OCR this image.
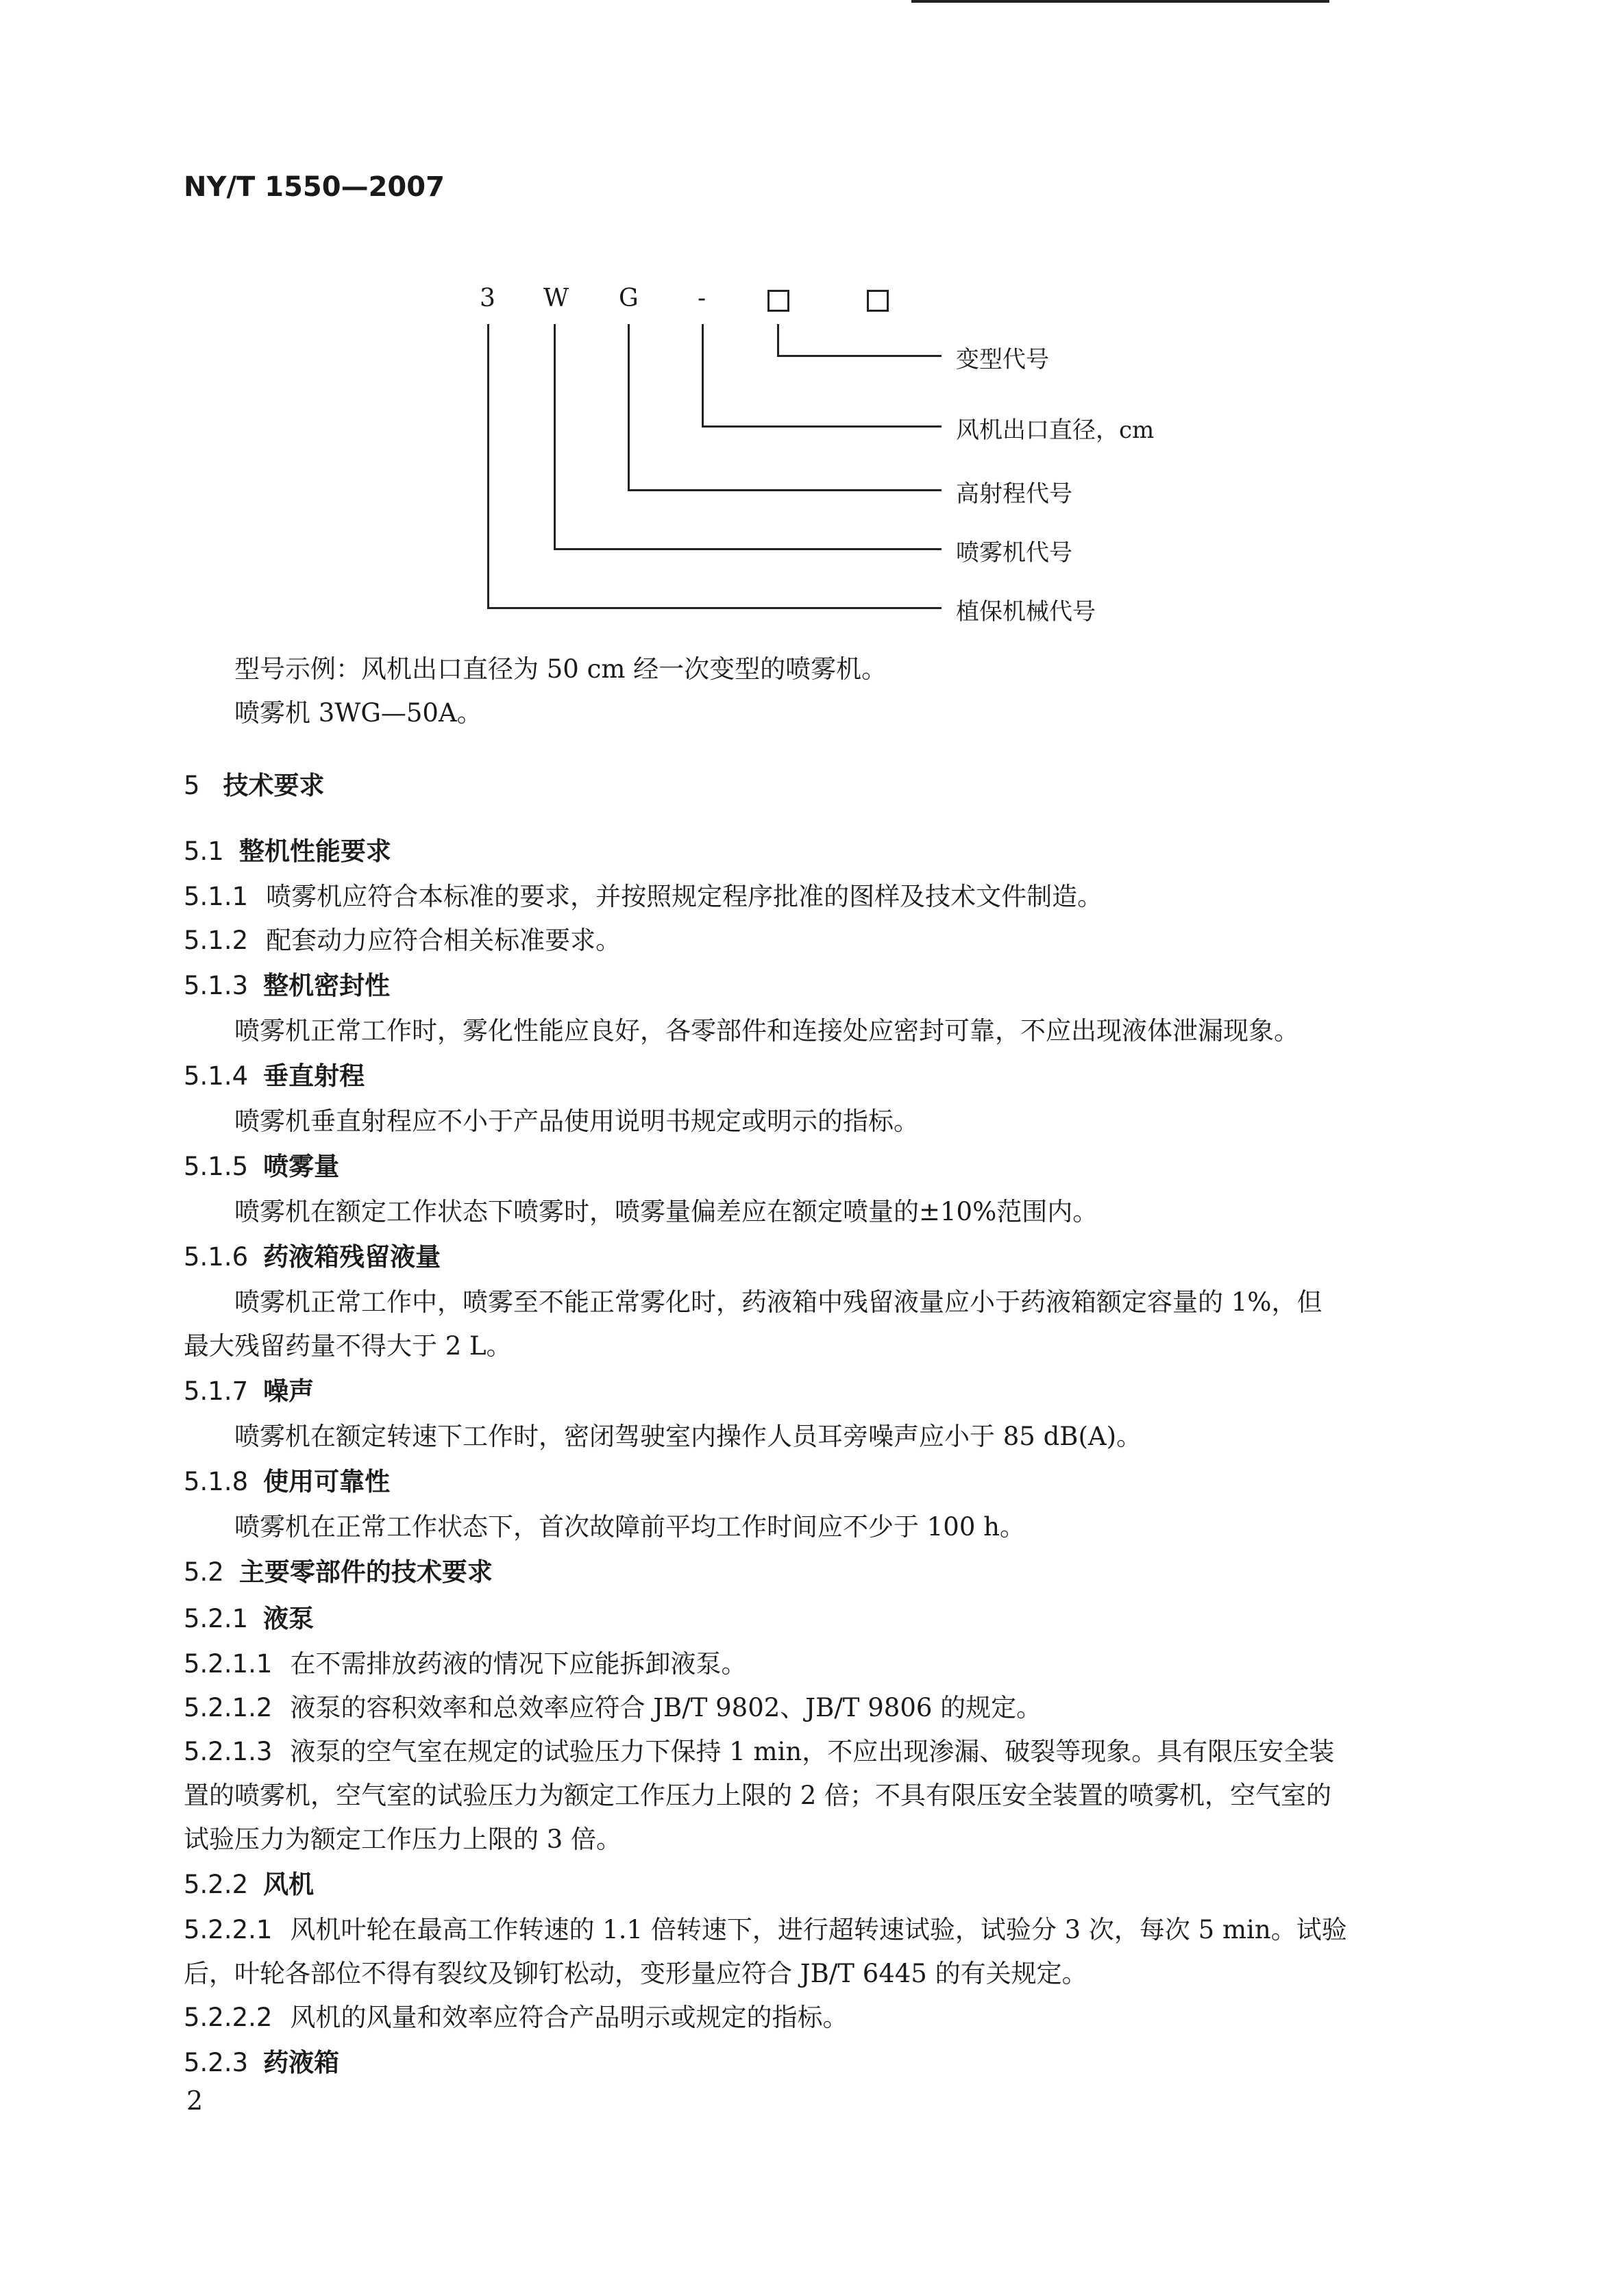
NY/T 1550—2007
3 W G -
变型代号
风机出口直径，cm
高射程代号
喷雾机代号
植保机械代号

型号示例：风机出口直径为 50 cm 经一次变型的喷雾机。

喷雾机 3WG—50A。

5 技术要求

5.1 整机性能要求

5.1.1 喷雾机应符合本标准的要求，并按照规定程序批准的图样及技术文件制造。

5.1.2 配套动力应符合相关标准要求。

5.1.3 整机密封性

喷雾机正常工作时，雾化性能应良好，各零部件和连接处应密封可靠，不应出现液体泄漏现象。

5.1.4 垂直射程

喷雾机垂直射程应不小于产品使用说明书规定或明示的指标。

5.1.5 喷雾量

喷雾机在额定工作状态下喷雾时，喷雾量偏差应在额定喷量的±10%范围内。

5.1.6 药液箱残留液量

喷雾机正常工作中，喷雾至不能正常雾化时，药液箱中残留液量应小于药液箱额定容量的 1%，但

最大残留药量不得大于 2 L。

5.1.7 噪声

喷雾机在额定转速下工作时，密闭驾驶室内操作人员耳旁噪声应小于 85 dB(A)。

5.1.8 使用可靠性

喷雾机在正常工作状态下，首次故障前平均工作时间应不少于 100 h。

5.2 主要零部件的技术要求

5.2.1 液泵

5.2.1.1 在不需排放药液的情况下应能拆卸液泵。

5.2.1.2 液泵的容积效率和总效率应符合 JB/T 9802、JB/T 9806 的规定。

5.2.1.3 液泵的空气室在规定的试验压力下保持 1 min，不应出现渗漏、破裂等现象。具有限压安全装

置的喷雾机，空气室的试验压力为额定工作压力上限的 2 倍；不具有限压安全装置的喷雾机，空气室的

试验压力为额定工作压力上限的 3 倍。

5.2.2 风机

5.2.2.1 风机叶轮在最高工作转速的 1.1 倍转速下，进行超转速试验，试验分 3 次，每次 5 min。试验

后，叶轮各部位不得有裂纹及铆钉松动，变形量应符合 JB/T 6445 的有关规定。

5.2.2.2 风机的风量和效率应符合产品明示或规定的指标。

5.2.3 药液箱

2
